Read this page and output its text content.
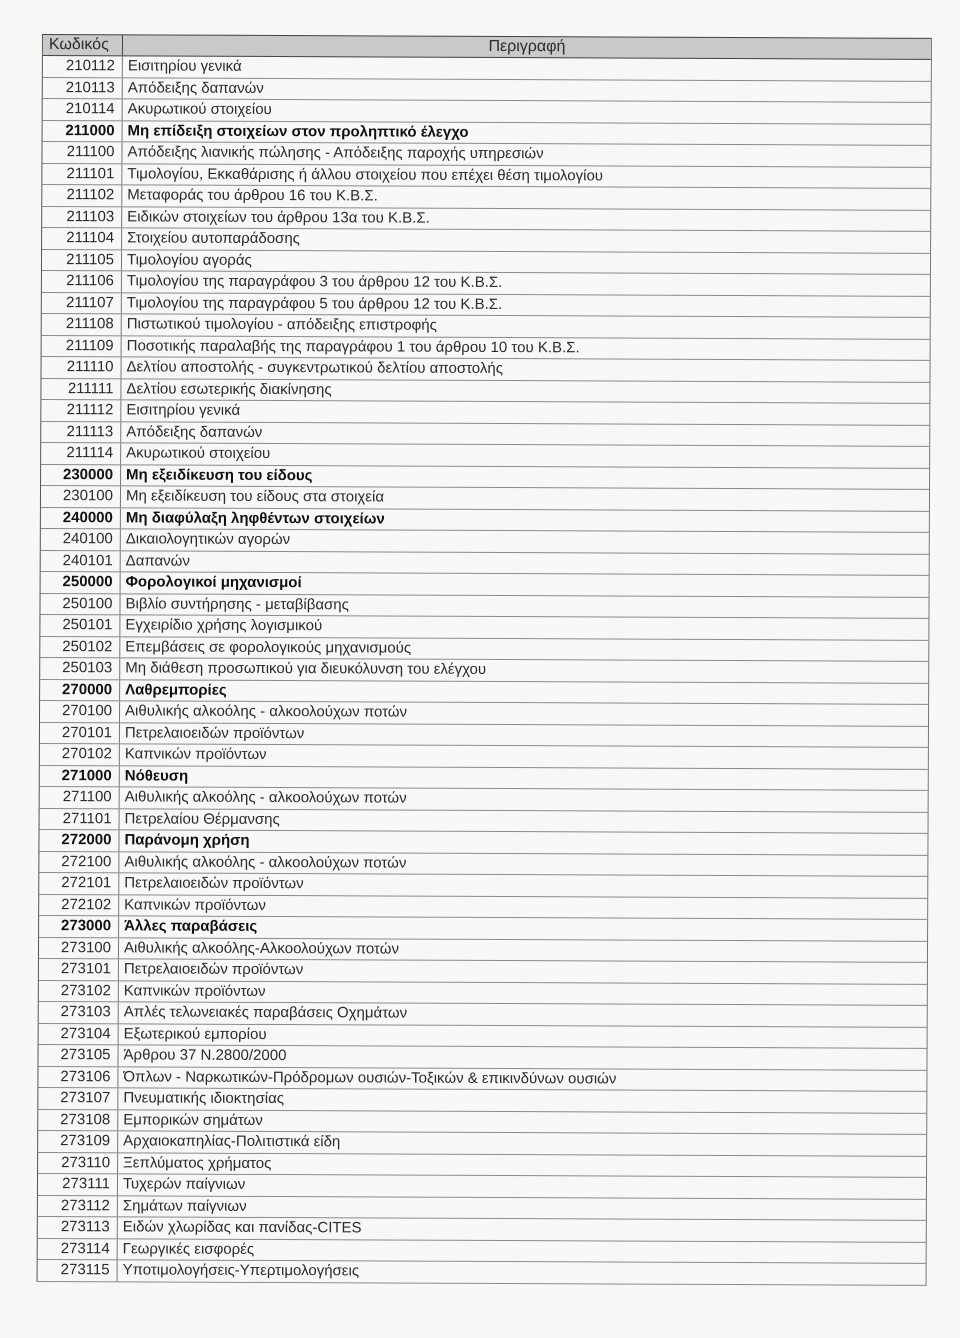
Κωδικός	Περιγραφή
210112 Εισιτηρίου γενικά
210113 Απόδειξης δαπανών
210114 Ακυρωτικού στοιχείου
211000 Μη επίδειξη στοιχείων στον προληπτικό έλεγχο
211100 Απόδειξης λιανικής πώλησης - Απόδειξης παροχής υπηρεσιών
211101 Τιμολογίου, Εκκαθάρισης ή άλλου στοιχείου που επέχει θέση τιμολογίου
211102 Μεταφοράς του άρθρου 16 του Κ.Β.Σ.
211103 Ειδικών στοιχείων του άρθρου 13α του Κ.Β.Σ.
211104 Στοιχείου αυτοπαράδοσης
211105 Τιμολογίου αγοράς
211106 Τιμολογίου της παραγράφου 3 του άρθρου 12 του Κ.Β.Σ.
211107 Τιμολογίου της παραγράφου 5 του άρθρου 12 του Κ.Β.Σ.
211108 Πιστωτικού τιμολογίου - απόδειξης επιστροφής
211109 Ποσοτικής παραλαβής της παραγράφου 1 του άρθρου 10 του Κ.Β.Σ.
211110 Δελτίου αποστολής - συγκεντρωτικού δελτίου αποστολής
211111 Δελτίου εσωτερικής διακίνησης
211112 Εισιτηρίου γενικά
211113 Απόδειξης δαπανών
211114 Ακυρωτικού στοιχείου
230000 Μη εξειδίκευση του είδους
230100 Μη εξειδίκευση του είδους στα στοιχεία
240000 Μη διαφύλαξη ληφθέντων στοιχείων
240100 Δικαιολογητικών αγορών
240101 Δαπανών
250000 Φορολογικοί μηχανισμοί
250100 Βιβλίο συντήρησης - μεταβίβασης
250101 Εγχειρίδιο χρήσης λογισμικού
250102 Επεμβάσεις σε φορολογικούς μηχανισμούς
250103 Μη διάθεση προσωπικού για διευκόλυνση του ελέγχου
270000 Λαθρεμπορίες
270100 Αιθυλικής αλκοόλης - αλκοολούχων ποτών
270101 Πετρελαιοειδών προϊόντων
270102 Καπνικών προϊόντων
271000 Νόθευση
271100 Αιθυλικής αλκοόλης - αλκοολούχων ποτών
271101 Πετρελαίου Θέρμανσης
272000 Παράνομη χρήση
272100 Αιθυλικής αλκοόλης - αλκοολούχων ποτών
272101 Πετρελαιοειδών προϊόντων
272102 Καπνικών προϊόντων
273000 Άλλες παραβάσεις
273100 Αιθυλικής αλκοόλης-Αλκοολούχων ποτών
273101 Πετρελαιοειδών προϊόντων
273102 Καπνικών προϊόντων
273103 Απλές τελωνειακές παραβάσεις Οχημάτων
273104 Εξωτερικού εμπορίου
273105 Άρθρου 37 Ν.2800/2000
273106 Όπλων - Ναρκωτικών-Πρόδρομων ουσιών-Τοξικών & επικινδύνων ουσιών
273107 Πνευματικής ιδιοκτησίας
273108 Εμπορικών σημάτων
273109 Αρχαιοκαπηλίας-Πολιτιστικά είδη
273110 Ξεπλύματος χρήματος
273111 Τυχερών παίγνιων
273112 Σημάτων παίγνιων
273113 Ειδών χλωρίδας και πανίδας-CITES
273114 Γεωργικές εισφορές
273115 Υποτιμολογήσεις-Υπερτιμολογήσεις
